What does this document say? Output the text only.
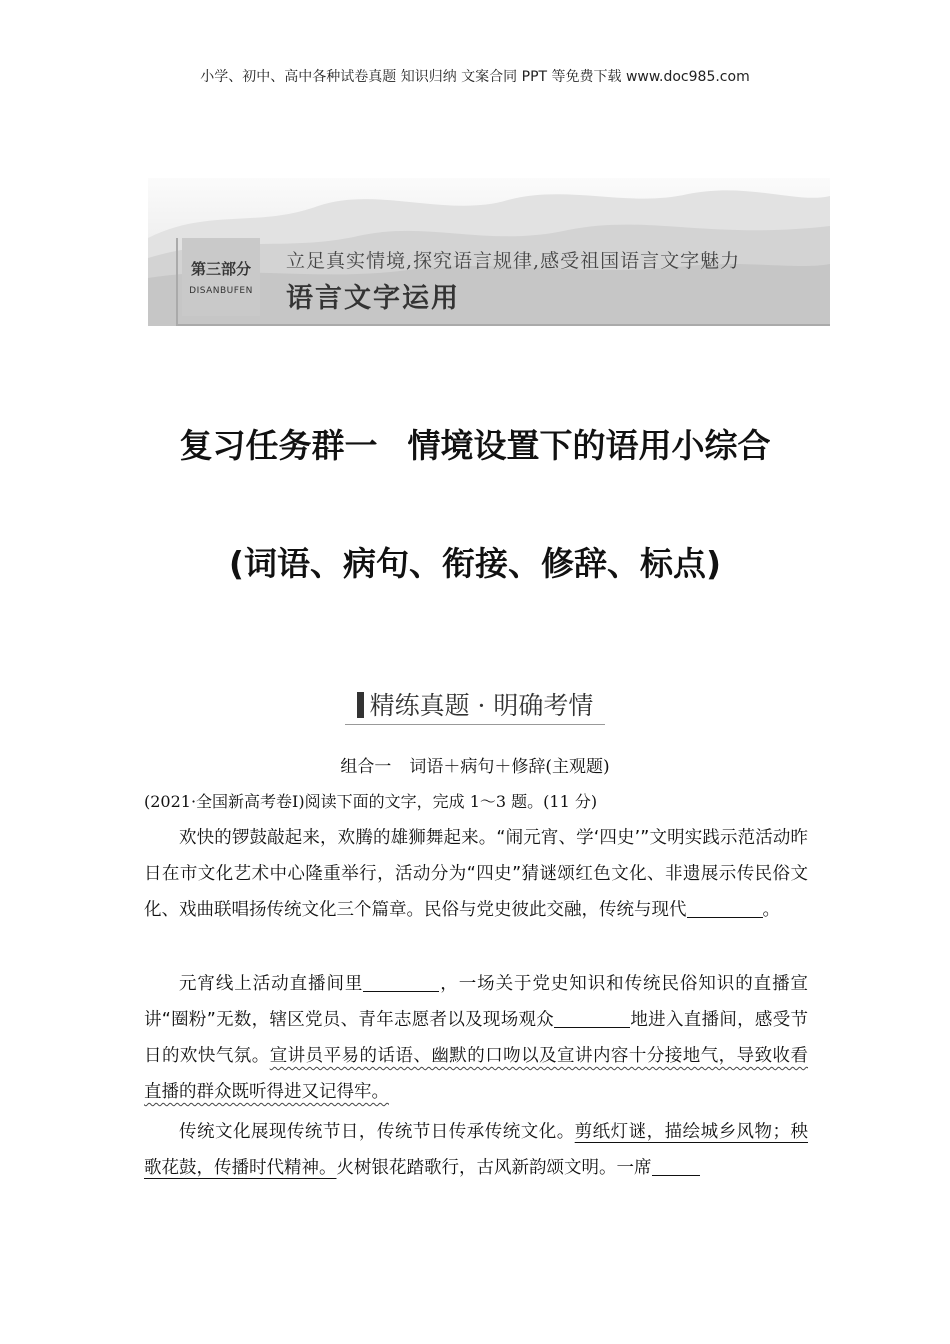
小学、初中、高中各种试卷真题 知识归纳 文案合同 PPT 等免费下载 www.doc985.com
第三部分
DISANBUFEN
立足真实情境,探究语言规律,感受祖国语言文字魅力
语言文字运用
复习任务群一 情境设置下的语用小综合
(词语、病句、衔接、修辞、标点)
精练真题 · 明确考情
组合一 词语＋病句＋修辞(主观题)
(2021·全国新高考卷Ⅰ)阅读下面的文字，完成 1～3 题。(11 分)

欢快的锣鼓敲起来，欢腾的雄狮舞起来。“闹元宵、学‘四史’”文明实践示范活动昨日在市文化艺术中心隆重举行，活动分为“四史”猜谜颂红色文化、非遗展示传民俗文化、戏曲联唱扬传统文化三个篇章。民俗与党史彼此交融，传统与现代	。

元宵线上活动直播间里	，一场关于党史知识和传统民俗知识的直播宣讲“圈粉”无数，辖区党员、青年志愿者以及现场观众	地进入直播间，感受节日的欢快气氛。宣讲员平易的话语、幽默的口吻以及宣讲内容十分接地气，导致收看直播的群众既听得进又记得牢。

传统文化展现传统节日，传统节日传承传统文化。剪纸灯谜，描绘城乡风物；秧歌花鼓，传播时代精神。火树银花踏歌行，古风新韵颂文明。一席
